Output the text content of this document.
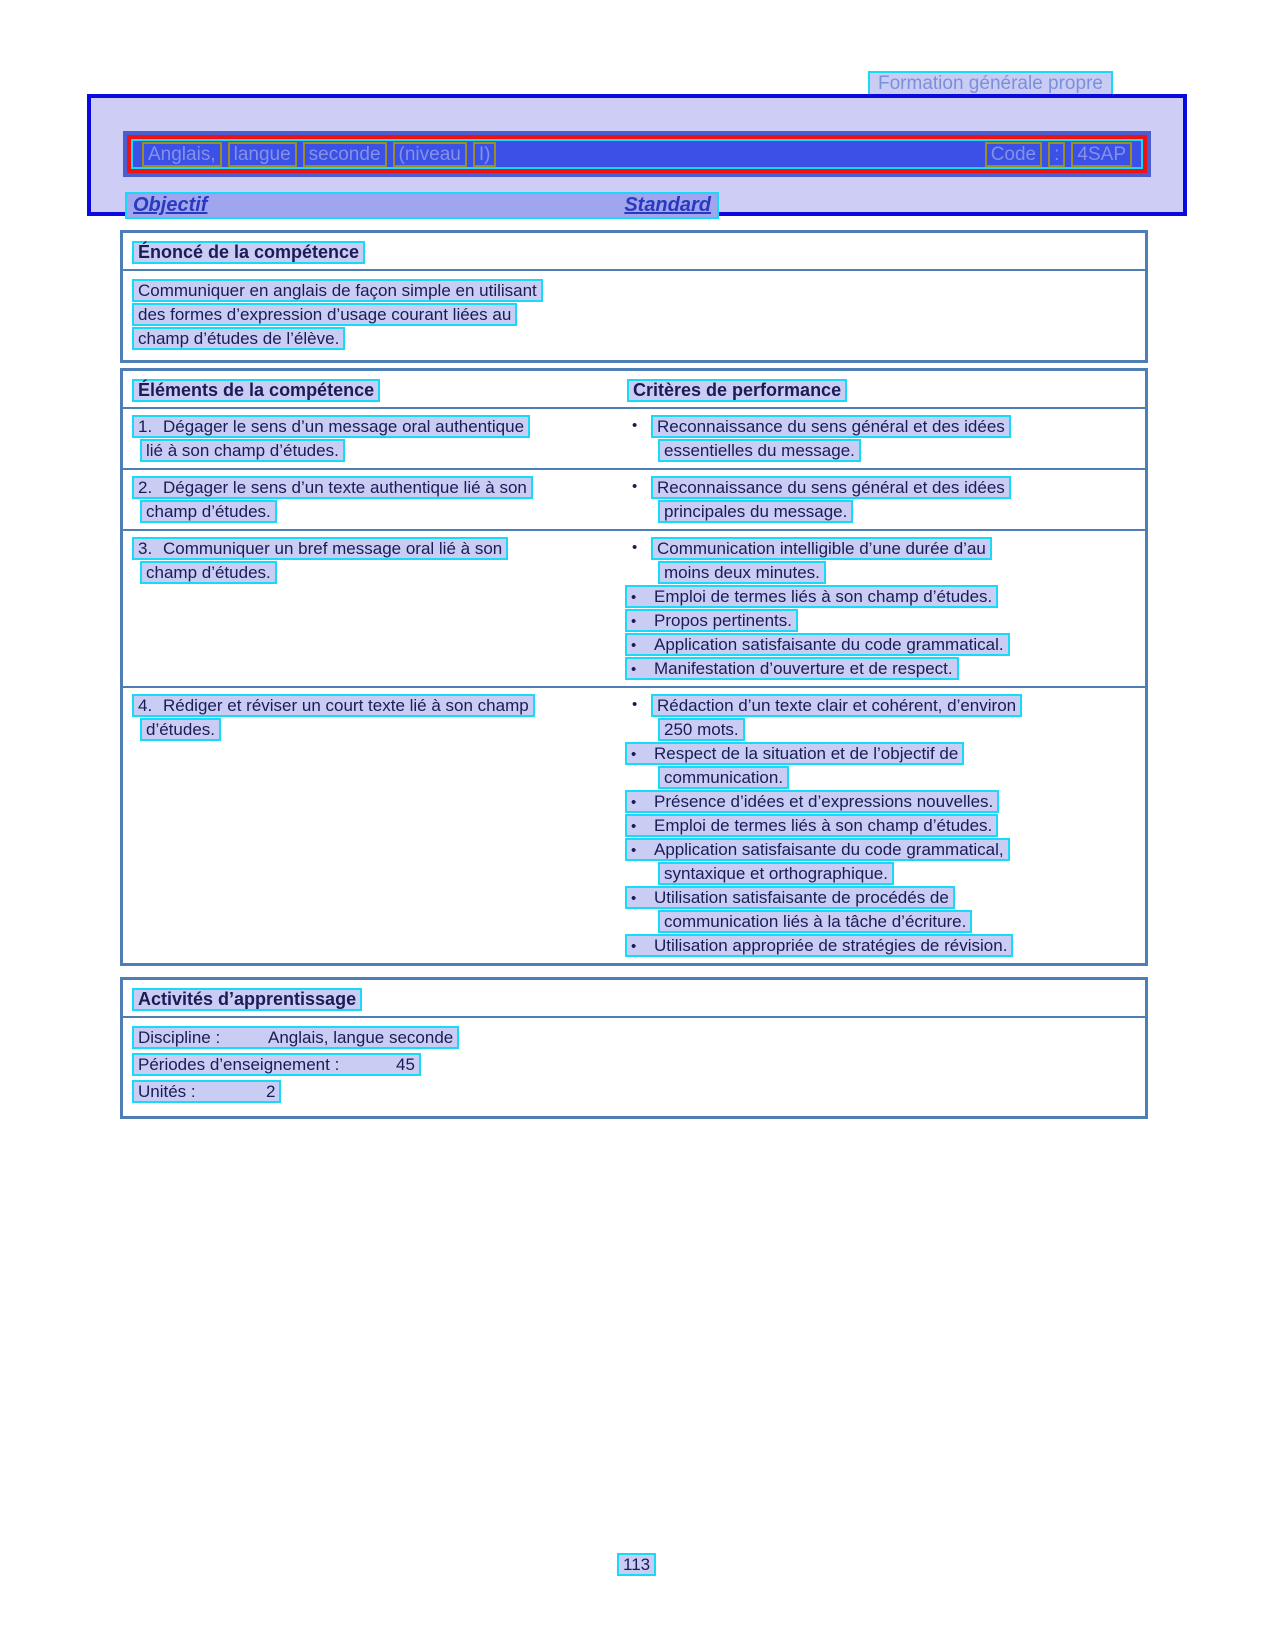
Formation générale propre
Anglais, langue seconde (niveau I)	Code : 4SAP
Objectif	Standard
Énoncé de la compétence
Communiquer en anglais de façon simple en utilisant
des formes d’expression d’usage courant liées au
champ d’études de l’élève.
Éléments de la compétence	Critères de performance
1. Dégager le sens d’un message oral authentique
lié à son champ d’études.
• Reconnaissance du sens général et des idées
essentielles du message.
2. Dégager le sens d’un texte authentique lié à son
champ d’études.
• Reconnaissance du sens général et des idées
principales du message.
3. Communiquer un bref message oral lié à son
champ d’études.
• Communication intelligible d’une durée d’au
moins deux minutes.
• Emploi de termes liés à son champ d’études.
• Propos pertinents.
• Application satisfaisante du code grammatical.
• Manifestation d’ouverture et de respect.
4. Rédiger et réviser un court texte lié à son champ
d’études.
• Rédaction d’un texte clair et cohérent, d’environ
250 mots.
• Respect de la situation et de l’objectif de
communication.
• Présence d’idées et d’expressions nouvelles.
• Emploi de termes liés à son champ d’études.
• Application satisfaisante du code grammatical,
syntaxique et orthographique.
• Utilisation satisfaisante de procédés de
communication liés à la tâche d’écriture.
• Utilisation appropriée de stratégies de révision.
Activités d’apprentissage
Discipline :	Anglais, langue seconde
Périodes d’enseignement :	45
Unités :	2
113
